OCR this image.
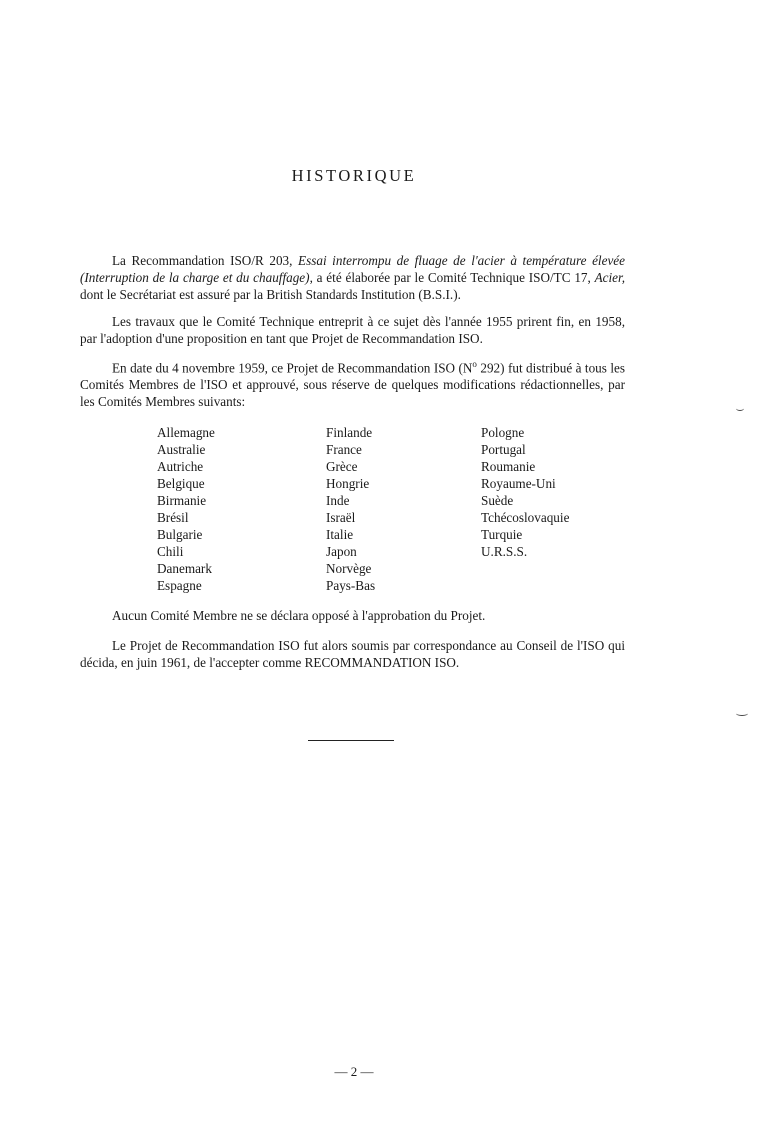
HISTORIQUE

La Recommandation ISO/R 203, Essai interrompu de fluage de l'acier à température élevée (Interruption de la charge et du chauffage), a été élaborée par le Comité Technique ISO/TC 17, Acier, dont le Secrétariat est assuré par la British Standards Institution (B.S.I.).

Les travaux que le Comité Technique entreprit à ce sujet dès l'année 1955 prirent fin, en 1958, par l'adoption d'une proposition en tant que Projet de Recommandation ISO.

En date du 4 novembre 1959, ce Projet de Recommandation ISO ($N^o$ 292) fut distribué à tous les Comités Membres de l'ISO et approuvé, sous réserve de quelques modifications rédactionnelles, par les Comités Membres suivants:

Allemagne
Australie
Autriche
Belgique
Birmanie
Brésil
Bulgarie
Chili
Danemark
Espagne
Finlande
France
Grèce
Hongrie
Inde
Israël
Italie
Japon
Norvège
Pays-Bas
Pologne
Portugal
Roumanie
Royaume-Uni
Suède
Tchécoslovaquie
Turquie
U.R.S.S.

Aucun Comité Membre ne se déclara opposé à l'approbation du Projet.

Le Projet de Recommandation ISO fut alors soumis par correspondance au Conseil de l'ISO qui décida, en juin 1961, de l'accepter comme RECOMMANDATION ISO.

— 2 —
